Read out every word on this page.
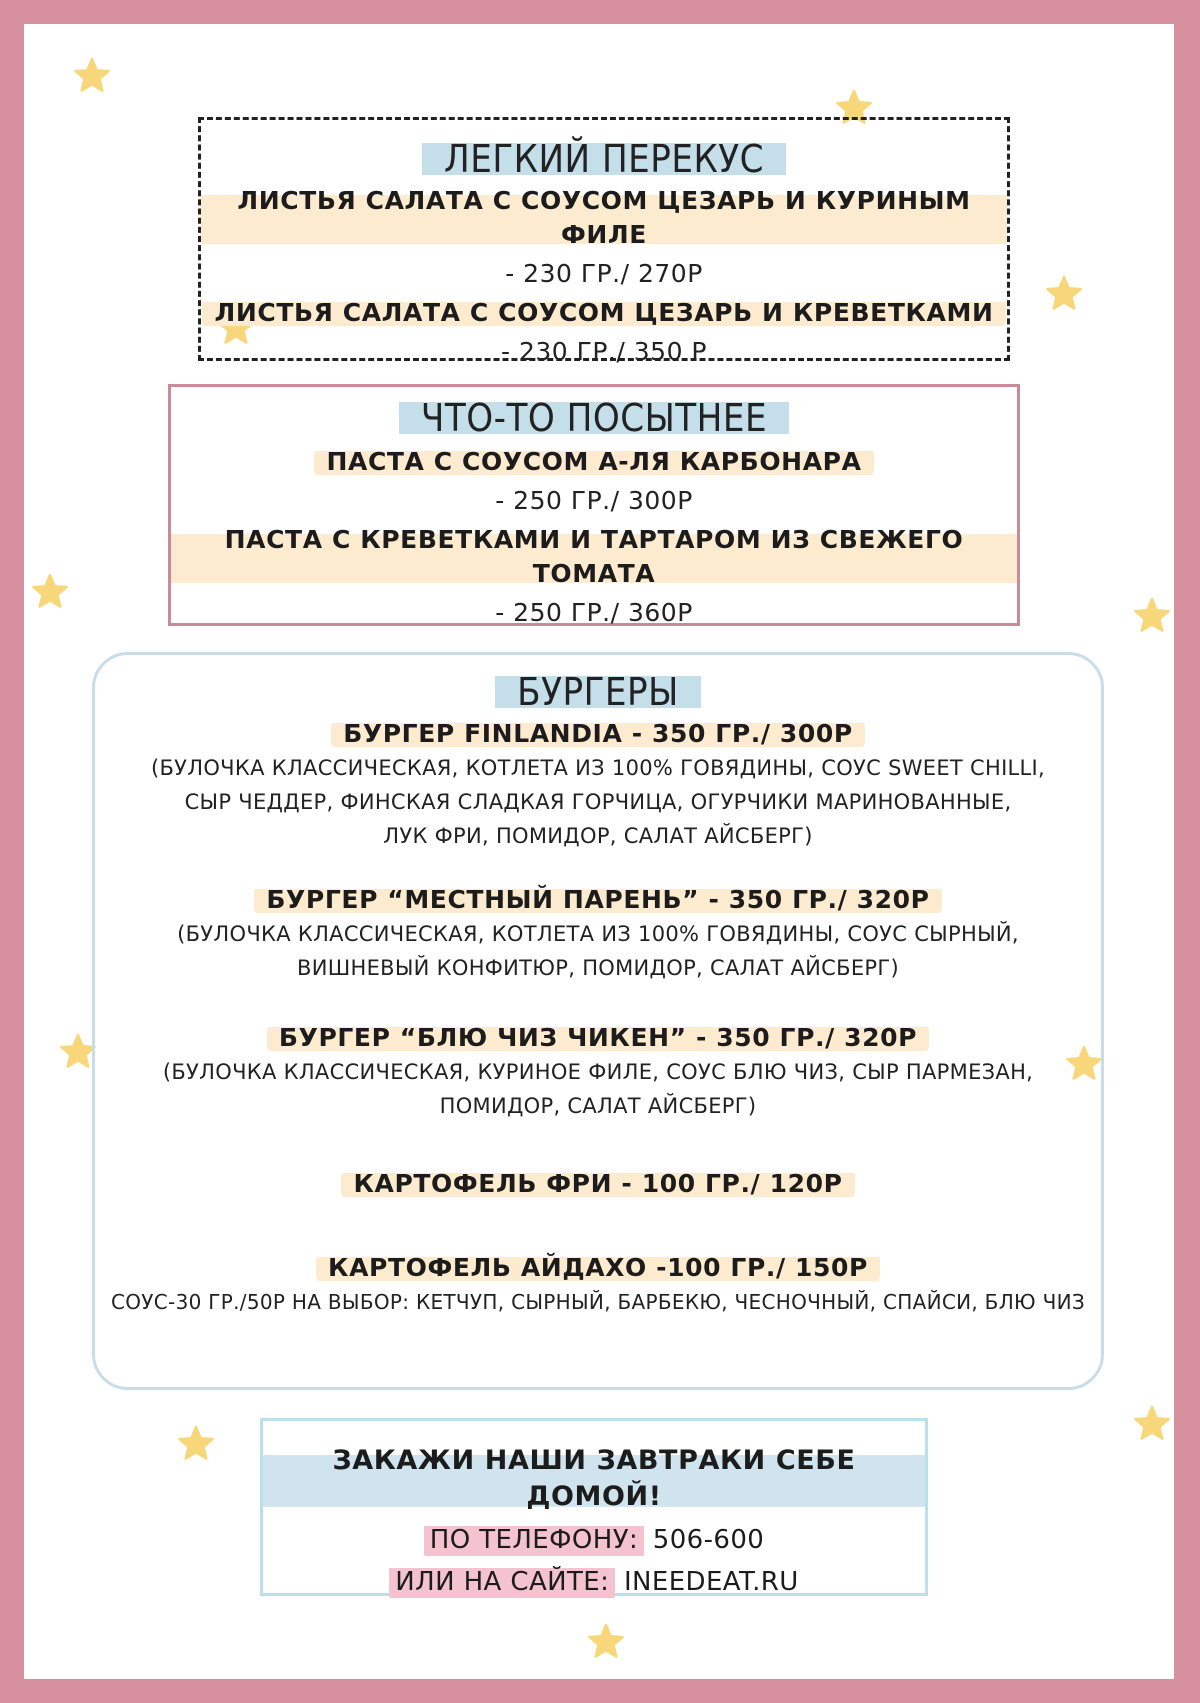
ЛЕГКИЙ ПЕРЕКУС
ЛИСТЬЯ САЛАТА С СОУСОМ ЦЕЗАРЬ И КУРИНЫМ ФИЛЕ
- 230 ГР./ 270Р
ЛИСТЬЯ САЛАТА С СОУСОМ ЦЕЗАРЬ И КРЕВЕТКАМИ
- 230 ГР./ 350 Р
ЧТО-ТО ПОСЫТНЕЕ
ПАСТА С СОУСОМ А-ЛЯ КАРБОНАРА
- 250 ГР./ 300Р
ПАСТА С КРЕВЕТКАМИ И ТАРТАРОМ ИЗ СВЕЖЕГО ТОМАТА
- 250 ГР./ 360Р
БУРГЕРЫ
БУРГЕР FINLANDIA - 350 ГР./ 300Р
(БУЛОЧКА КЛАССИЧЕСКАЯ, КОТЛЕТА ИЗ 100% ГОВЯДИНЫ, СОУС SWEET CHILLI,
СЫР ЧЕДДЕР, ФИНСКАЯ СЛАДКАЯ ГОРЧИЦА, ОГУРЧИКИ МАРИНОВАННЫЕ,
ЛУК ФРИ, ПОМИДОР, САЛАТ АЙСБЕРГ)
БУРГЕР “МЕСТНЫЙ ПАРЕНЬ” - 350 ГР./ 320Р
(БУЛОЧКА КЛАССИЧЕСКАЯ, КОТЛЕТА ИЗ 100% ГОВЯДИНЫ, СОУС СЫРНЫЙ,
ВИШНЕВЫЙ КОНФИТЮР, ПОМИДОР, САЛАТ АЙСБЕРГ)
БУРГЕР “БЛЮ ЧИЗ ЧИКЕН” - 350 ГР./ 320Р
(БУЛОЧКА КЛАССИЧЕСКАЯ, КУРИНОЕ ФИЛЕ, СОУС БЛЮ ЧИЗ, СЫР ПАРМЕЗАН,
ПОМИДОР, САЛАТ АЙСБЕРГ)
КАРТОФЕЛЬ ФРИ - 100 ГР./ 120Р
КАРТОФЕЛЬ АЙДАХО -100 ГР./ 150Р
СОУС-30 ГР./50Р НА ВЫБОР: КЕТЧУП, СЫРНЫЙ, БАРБЕКЮ, ЧЕСНОЧНЫЙ, СПАЙСИ, БЛЮ ЧИЗ
ЗАКАЖИ НАШИ ЗАВТРАКИ СЕБЕ ДОМОЙ!
ПО ТЕЛЕФОНУ: 506-600
ИЛИ НА САЙТЕ: INEEDEAT.RU
